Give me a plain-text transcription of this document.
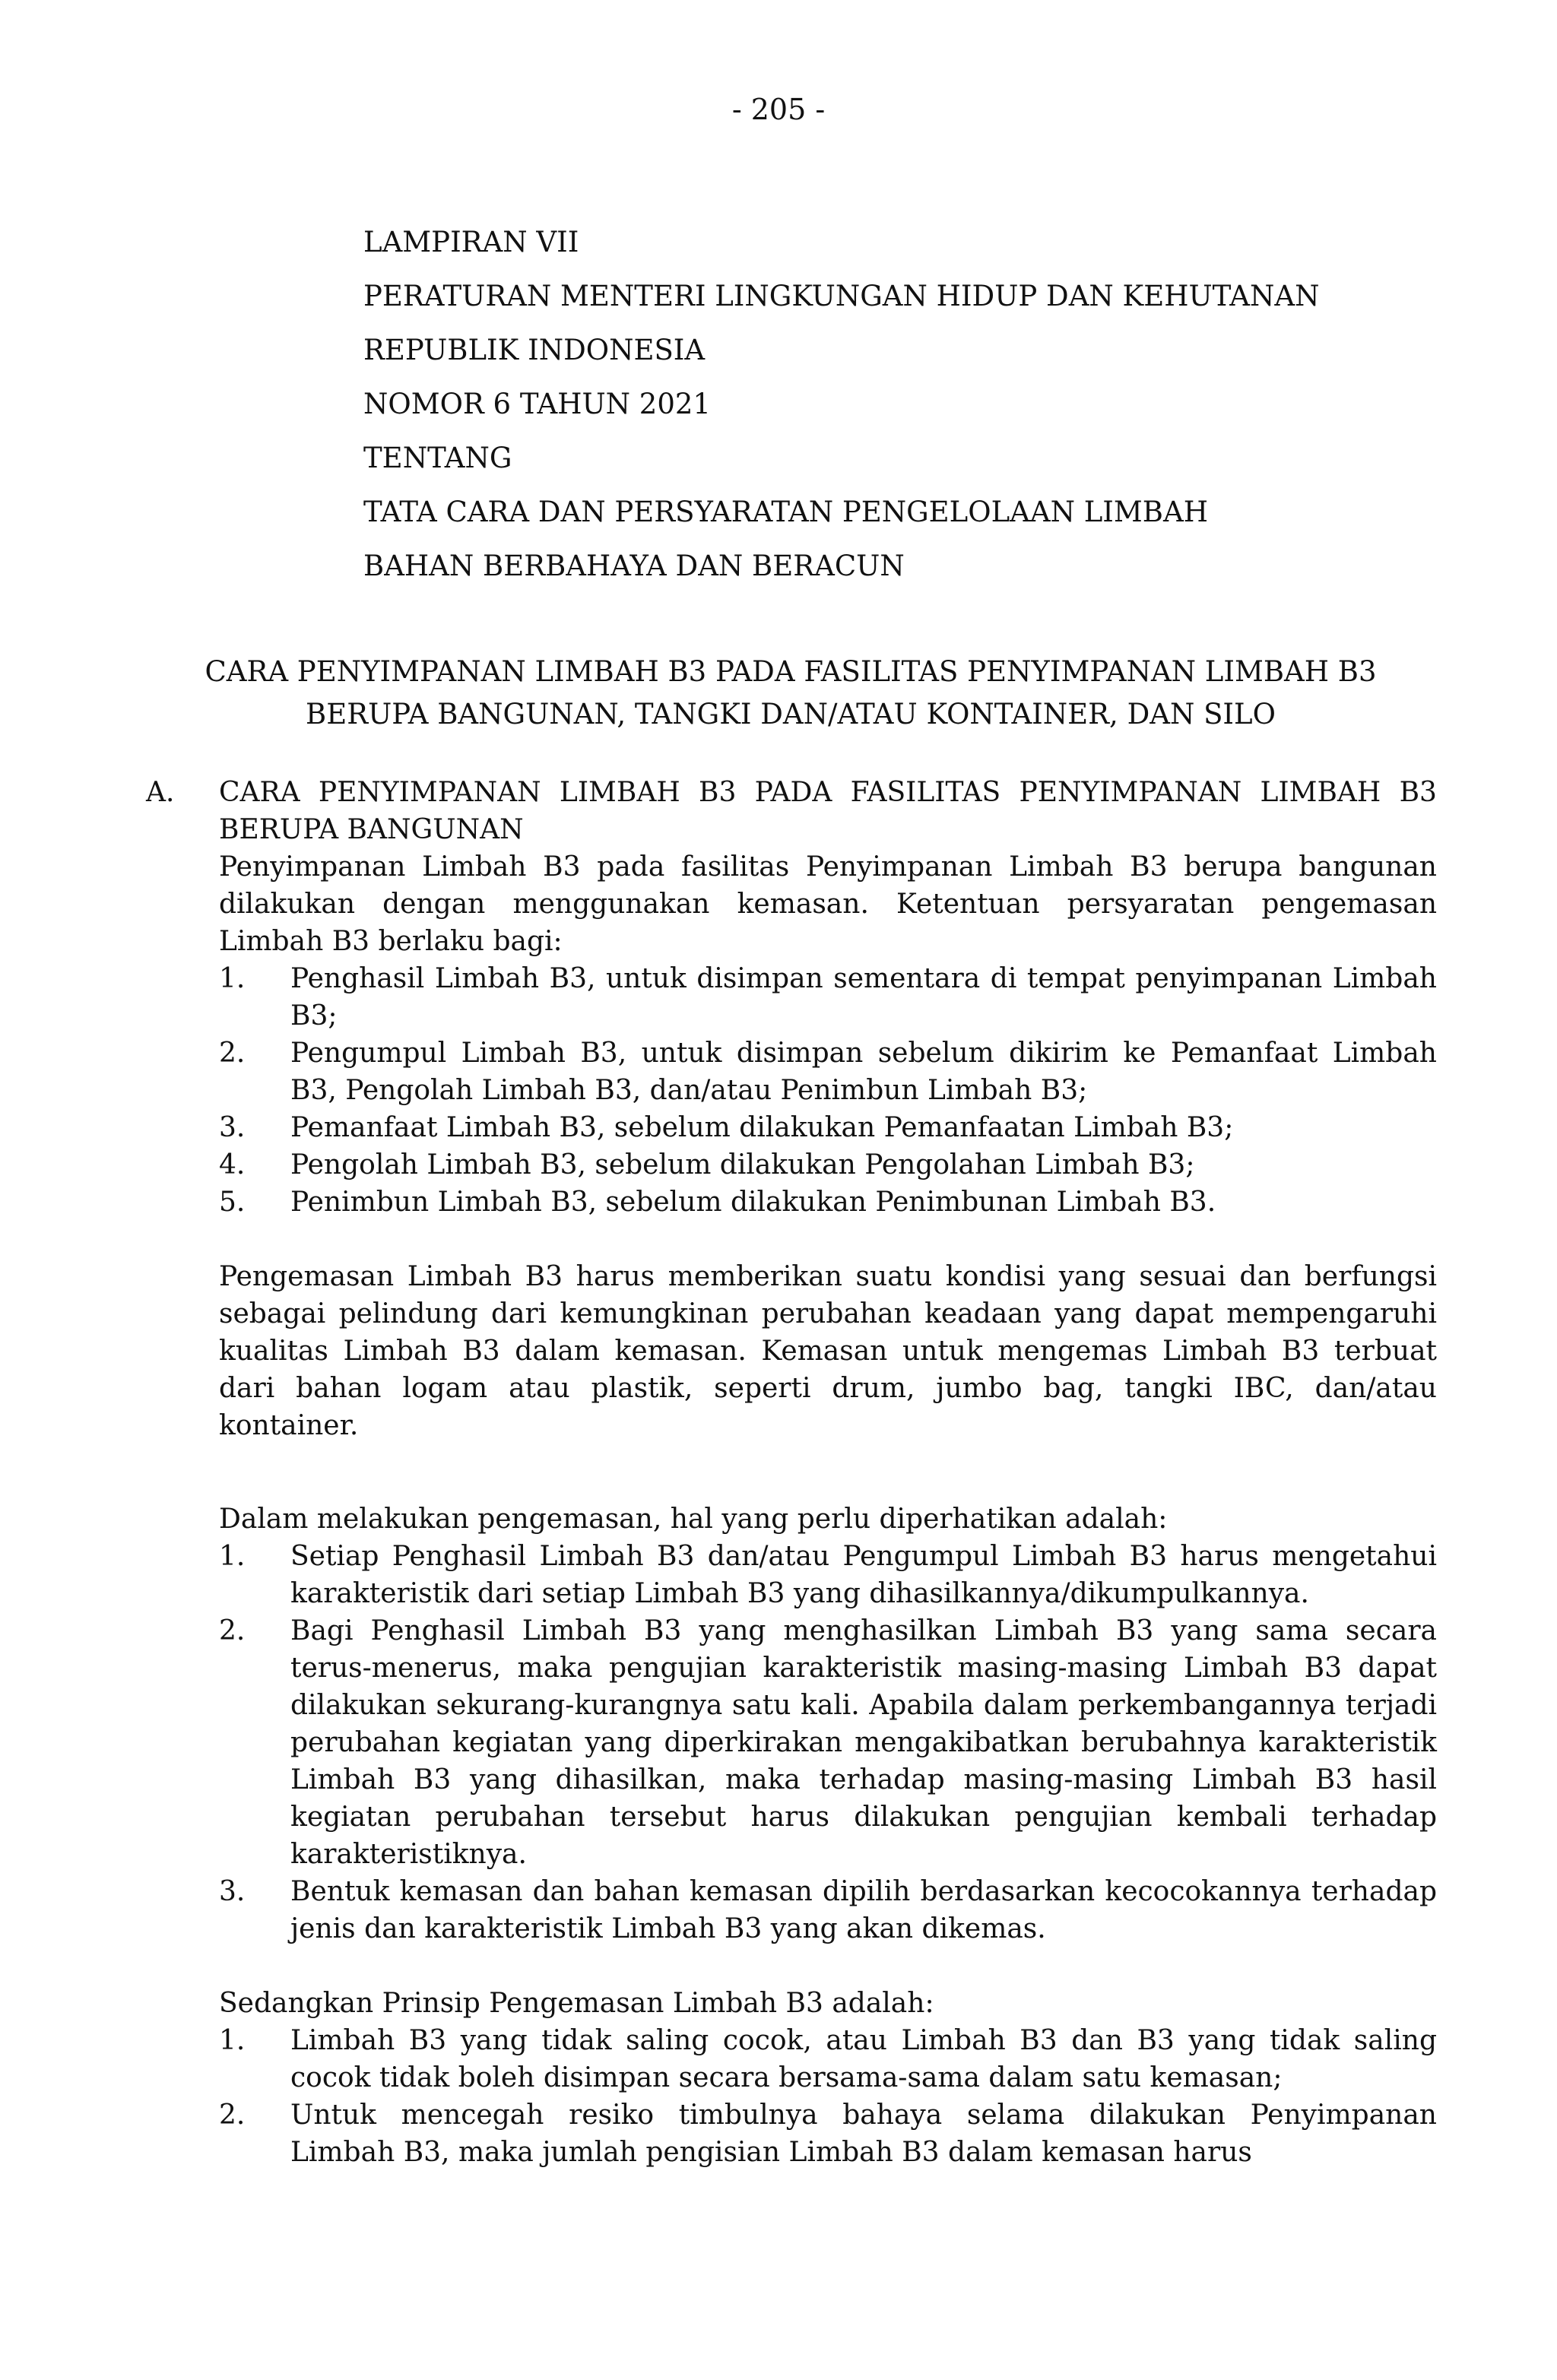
- 205 -
LAMPIRAN VII
PERATURAN MENTERI LINGKUNGAN HIDUP DAN KEHUTANAN
REPUBLIK INDONESIA
NOMOR 6 TAHUN 2021
TENTANG
TATA CARA DAN PERSYARATAN PENGELOLAAN LIMBAH
BAHAN BERBAHAYA DAN BERACUN
CARA PENYIMPANAN LIMBAH B3 PADA FASILITAS PENYIMPANAN LIMBAH B3
BERUPA BANGUNAN, TANGKI DAN/ATAU KONTAINER, DAN SILO
A.	CARA PENYIMPANAN LIMBAH B3 PADA FASILITAS PENYIMPANAN LIMBAH B3
BERUPA BANGUNAN

Penyimpanan Limbah B3 pada fasilitas Penyimpanan Limbah B3 berupa bangunan dilakukan dengan menggunakan kemasan. Ketentuan persyaratan pengemasan Limbah B3 berlaku bagi:

1.	Penghasil Limbah B3, untuk disimpan sementara di tempat penyimpanan Limbah B3;
2.	Pengumpul Limbah B3, untuk disimpan sebelum dikirim ke Pemanfaat Limbah B3, Pengolah Limbah B3, dan/atau Penimbun Limbah B3;
3.	Pemanfaat Limbah B3, sebelum dilakukan Pemanfaatan Limbah B3;
4.	Pengolah Limbah B3, sebelum dilakukan Pengolahan Limbah B3;
5.	Penimbun Limbah B3, sebelum dilakukan Penimbunan Limbah B3.

Pengemasan Limbah B3 harus memberikan suatu kondisi yang sesuai dan berfungsi sebagai pelindung dari kemungkinan perubahan keadaan yang dapat mempengaruhi kualitas Limbah B3 dalam kemasan. Kemasan untuk mengemas Limbah B3 terbuat dari bahan logam atau plastik, seperti drum, jumbo bag, tangki IBC, dan/atau kontainer.

Dalam melakukan pengemasan, hal yang perlu diperhatikan adalah:

1.	Setiap Penghasil Limbah B3 dan/atau Pengumpul Limbah B3 harus mengetahui karakteristik dari setiap Limbah B3 yang dihasilkannya/dikumpulkannya.
2.	Bagi Penghasil Limbah B3 yang menghasilkan Limbah B3 yang sama secara terus-menerus, maka pengujian karakteristik masing-masing Limbah B3 dapat dilakukan sekurang-kurangnya satu kali. Apabila dalam perkembangannya terjadi perubahan kegiatan yang diperkirakan mengakibatkan berubahnya karakteristik Limbah B3 yang dihasilkan, maka terhadap masing-masing Limbah B3 hasil kegiatan perubahan tersebut harus dilakukan pengujian kembali terhadap karakteristiknya.
3.	Bentuk kemasan dan bahan kemasan dipilih berdasarkan kecocokannya terhadap jenis dan karakteristik Limbah B3 yang akan dikemas.

Sedangkan Prinsip Pengemasan Limbah B3 adalah:

1.	Limbah B3 yang tidak saling cocok, atau Limbah B3 dan B3 yang tidak saling cocok tidak boleh disimpan secara bersama-sama dalam satu kemasan;
2.	Untuk mencegah resiko timbulnya bahaya selama dilakukan Penyimpanan Limbah B3, maka jumlah pengisian Limbah B3 dalam kemasan harus
